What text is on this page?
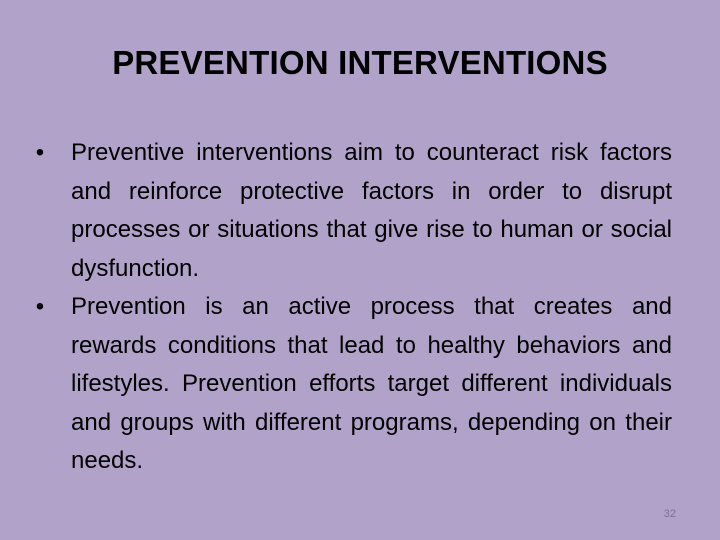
PREVENTION INTERVENTIONS
• Preventive interventions aim to counteract risk factors and reinforce protective factors in order to disrupt processes or situations that give rise to human or social dysfunction.
• Prevention is an active process that creates and rewards conditions that lead to healthy behaviors and lifestyles. Prevention efforts target different individuals and groups with different programs, depending on their needs.
32
